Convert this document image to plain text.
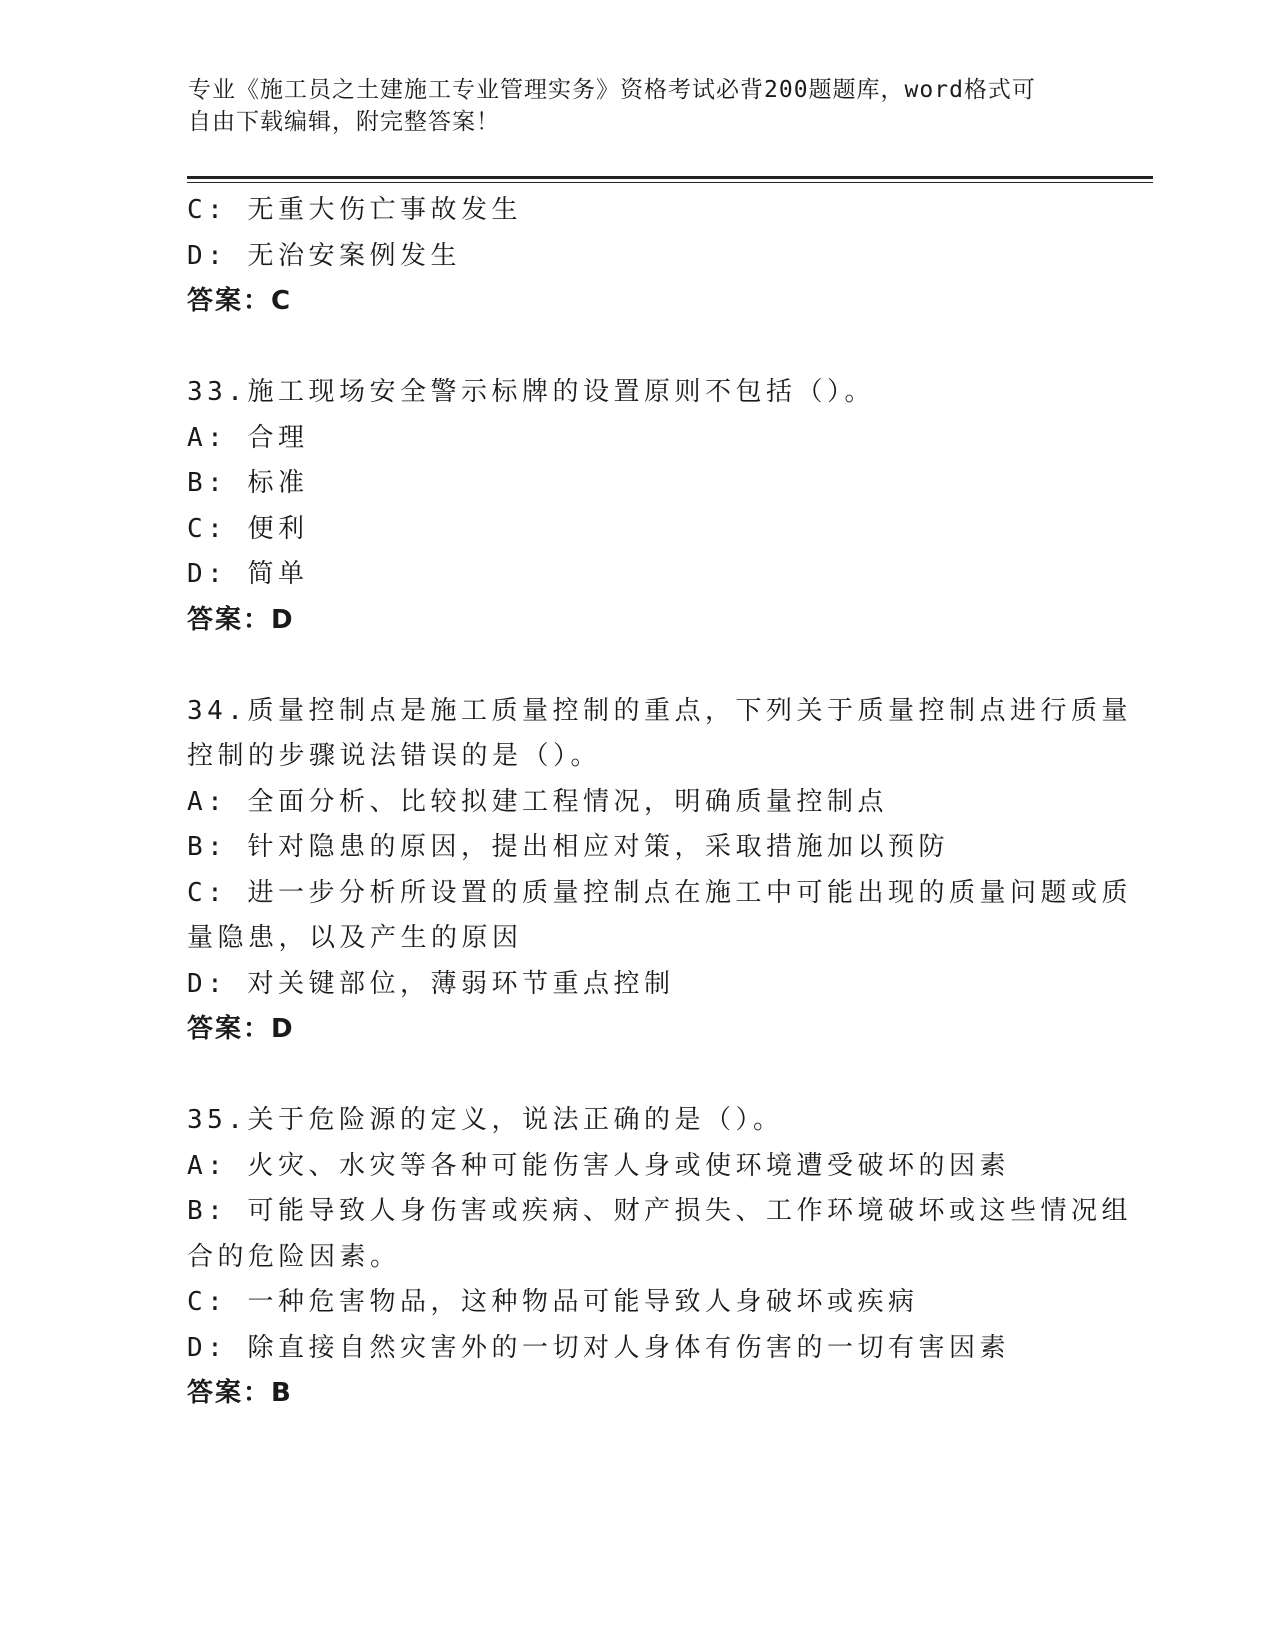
专业《施工员之土建施工专业管理实务》资格考试必背200题题库，word格式可

自由下载编辑，附完整答案！

C: 无重大伤亡事故发生

D: 无治安案例发生

答案：C

33.施工现场安全警示标牌的设置原则不包括（）。

A: 合理

B: 标准

C: 便利

D: 简单

答案：D

34.质量控制点是施工质量控制的重点，下列关于质量控制点进行质量

控制的步骤说法错误的是（）。

A: 全面分析、比较拟建工程情况，明确质量控制点

B: 针对隐患的原因，提出相应对策，采取措施加以预防

C: 进一步分析所设置的质量控制点在施工中可能出现的质量问题或质

量隐患，以及产生的原因

D: 对关键部位，薄弱环节重点控制

答案：D

35.关于危险源的定义，说法正确的是（）。

A: 火灾、水灾等各种可能伤害人身或使环境遭受破坏的因素

B: 可能导致人身伤害或疾病、财产损失、工作环境破坏或这些情况组

合的危险因素。

C: 一种危害物品，这种物品可能导致人身破坏或疾病

D: 除直接自然灾害外的一切对人身体有伤害的一切有害因素

答案：B
